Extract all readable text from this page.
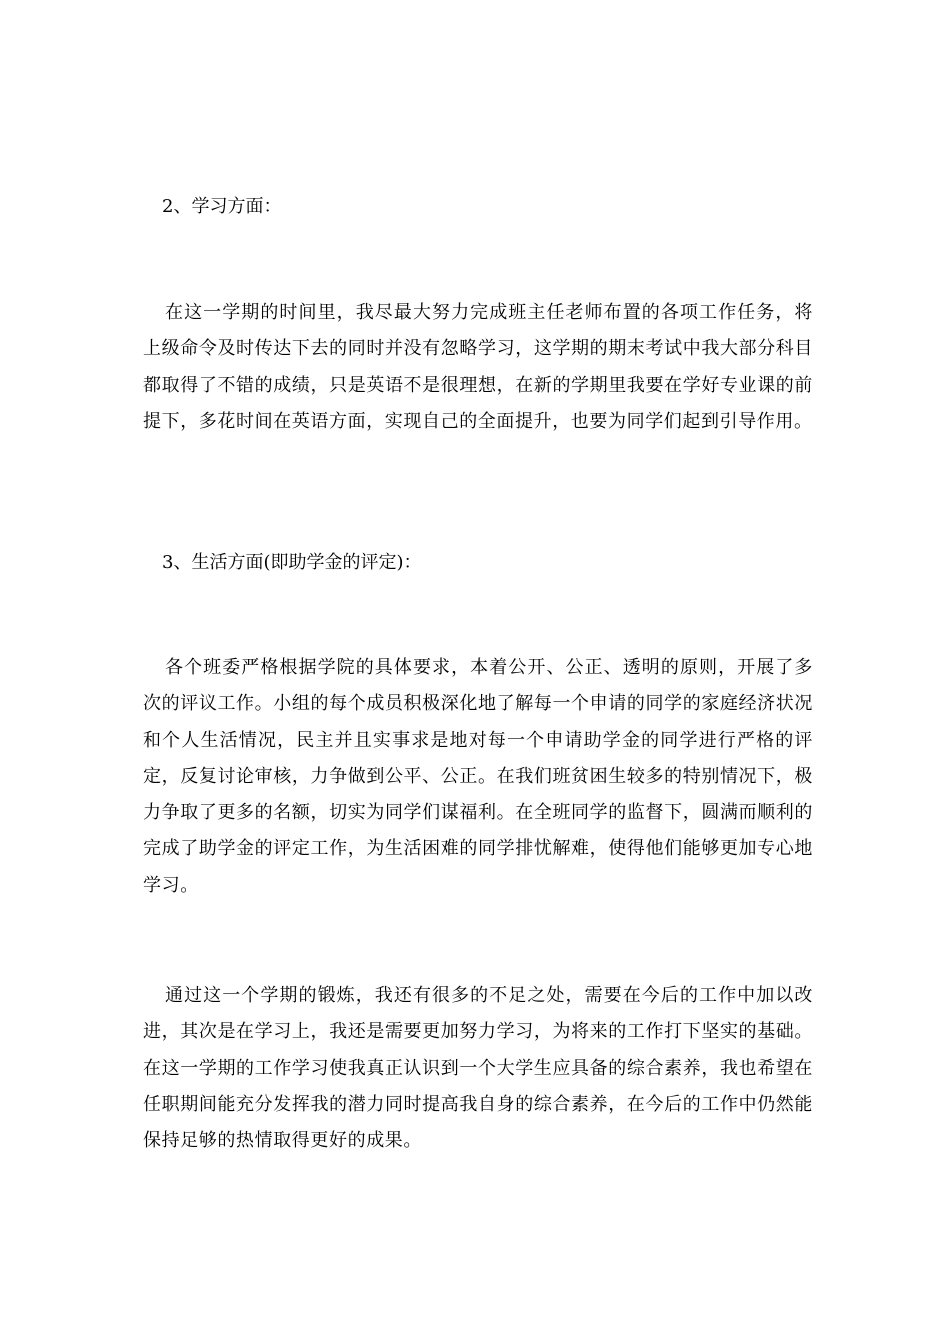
2、学习方面：

在这一学期的时间里，我尽最大努力完成班主任老师布置的各项工作任务，将上级命令及时传达下去的同时并没有忽略学习，这学期的期末考试中我大部分科目都取得了不错的成绩，只是英语不是很理想，在新的学期里我要在学好专业课的前提下，多花时间在英语方面，实现自己的全面提升，也要为同学们起到引导作用。

3、生活方面(即助学金的评定)：

各个班委严格根据学院的具体要求，本着公开、公正、透明的原则，开展了多次的评议工作。小组的每个成员积极深化地了解每一个申请的同学的家庭经济状况和个人生活情况，民主并且实事求是地对每一个申请助学金的同学进行严格的评定，反复讨论审核，力争做到公平、公正。在我们班贫困生较多的特别情况下，极力争取了更多的名额，切实为同学们谋福利。在全班同学的监督下，圆满而顺利的完成了助学金的评定工作，为生活困难的同学排忧解难，使得他们能够更加专心地学习。

通过这一个学期的锻炼，我还有很多的不足之处，需要在今后的工作中加以改进，其次是在学习上，我还是需要更加努力学习，为将来的工作打下坚实的基础。在这一学期的工作学习使我真正认识到一个大学生应具备的综合素养，我也希望在任职期间能充分发挥我的潜力同时提高我自身的综合素养，在今后的工作中仍然能保持足够的热情取得更好的成果。
